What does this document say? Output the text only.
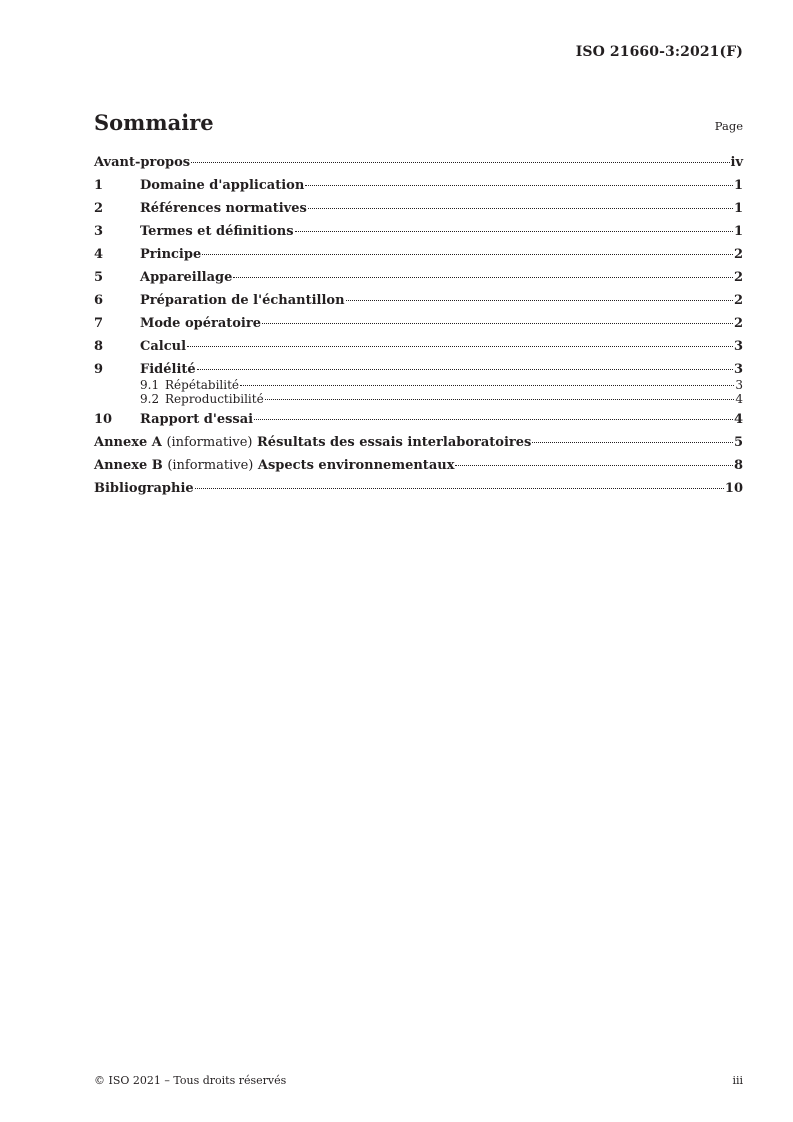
ISO 21660-3:2021(F)
Sommaire	Page
Avant-propos	iv
1	Domaine d'application	1
2	Références normatives	1
3	Termes et définitions	1
4	Principe	2
5	Appareillage	2
6	Préparation de l'échantillon	2
7	Mode opératoire	2
8	Calcul	3
9	Fidélité	3
9.1 Répétabilité	3
9.2 Reproductibilité	4
10	Rapport d'essai	4
Annexe A (informative) Résultats des essais interlaboratoires	5
Annexe B (informative) Aspects environnementaux	8
Bibliographie	10
© ISO 2021 – Tous droits réservés	iii
